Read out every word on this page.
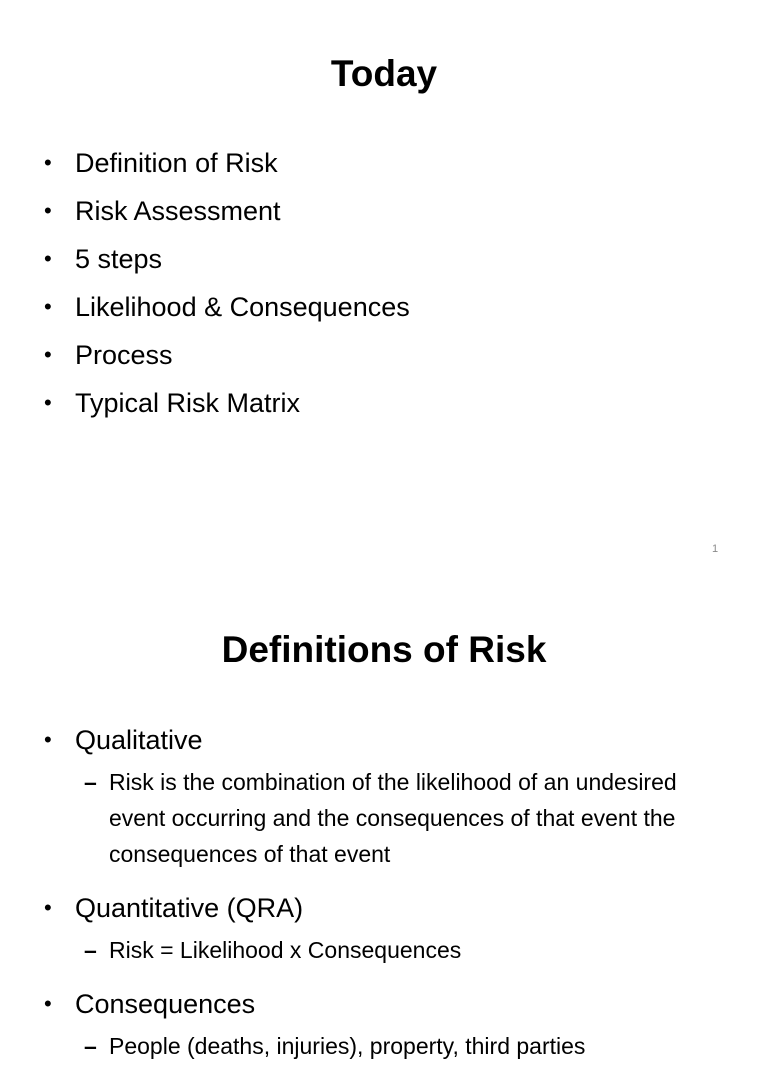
Today
• Definition of Risk
• Risk Assessment
• 5 steps
• Likelihood & Consequences
• Process
• Typical Risk Matrix
1
Definitions of Risk
• Qualitative
– Risk is the combination of the likelihood of an undesired event occurring and the consequences of that event the consequences of that event
• Quantitative (QRA)
– Risk = Likelihood x Consequences
• Consequences
– People (deaths, injuries), property, third parties
